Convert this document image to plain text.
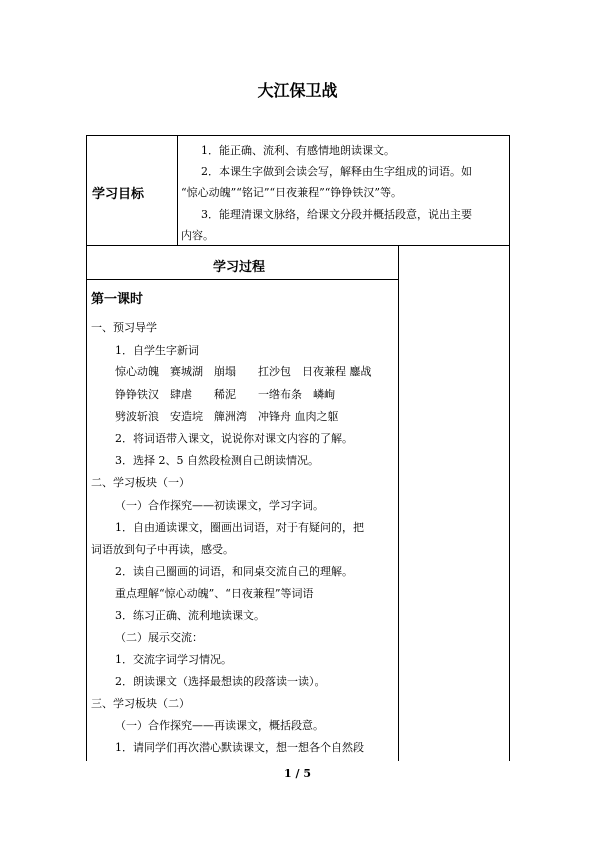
大江保卫战
学习目标
1．能正确、流利、有感情地朗读课文。
2．本课生字做到会读会写，解释由生字组成的词语。如
“惊心动魄”“铭记”“日夜兼程”“铮铮铁汉”等。
3．能理清课文脉络，给课文分段并概括段意，说出主要
内容。
学习过程
第一课时
一、预习导学
1．自学生字新词
惊心动魄　赛城湖　崩塌　　扛沙包　日夜兼程 鏖战
铮铮铁汉　肆虐　　稀泥　　一绺布条　嶙峋
劈波斩浪　安造垸　簰洲湾　冲锋舟 血肉之躯
2．将词语带入课文，说说你对课文内容的了解。
3．选择 2、5 自然段检测自己朗读情况。
二、学习板块（一）
（一）合作探究——初读课文，学习字词。
1．自由通读课文，圈画出词语，对于有疑问的，把
词语放到句子中再读，感受。
2．读自己圈画的词语，和同桌交流自己的理解。
重点理解“惊心动魄”、“日夜兼程”等词语
3．练习正确、流利地读课文。
（二）展示交流：
1．交流字词学习情况。
2．朗读课文（选择最想读的段落读一读）。
三、学习板块（二）
（一）合作探究——再读课文，概括段意。
1．请同学们再次潜心默读课文，想一想各个自然段
1 / 5
